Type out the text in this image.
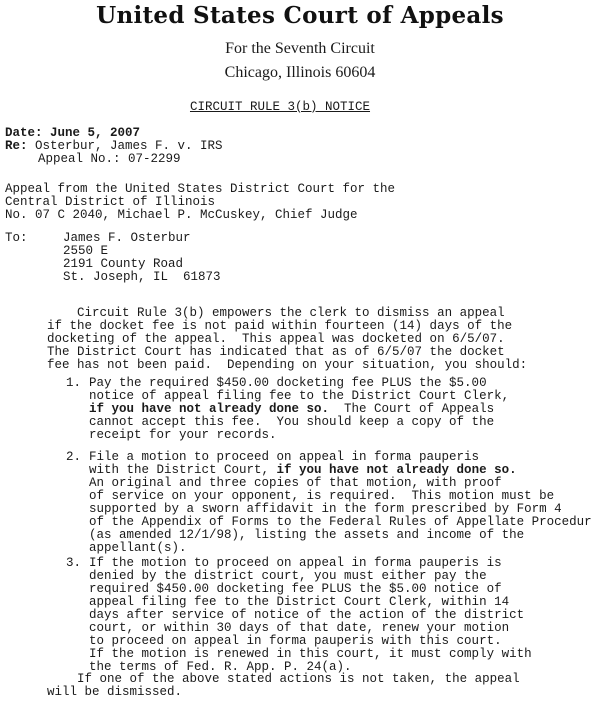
United States Court of Appeals
For the Seventh Circuit
Chicago, Illinois 60604
CIRCUIT RULE 3(b) NOTICE
Date: June 5, 2007
Re: Osterbur, James F. v. IRS
Appeal No.: 07-2299
Appeal from the United States District Court for the
Central District of Illinois
No. 07 C 2040, Michael P. McCuskey, Chief Judge
To:	James F. Osterbur
2550 E
2191 County Road
St. Joseph, IL  61873
Circuit Rule 3(b) empowers the clerk to dismiss an appeal
if the docket fee is not paid within fourteen (14) days of the
docketing of the appeal.  This appeal was docketed on 6/5/07.
The District Court has indicated that as of 6/5/07 the docket
fee has not been paid.  Depending on your situation, you should:
1. Pay the required $450.00 docketing fee PLUS the $5.00
notice of appeal filing fee to the District Court Clerk,
if you have not already done so.  The Court of Appeals
cannot accept this fee.  You should keep a copy of the
receipt for your records.
2. File a motion to proceed on appeal in forma pauperis
with the District Court, if you have not already done so.
An original and three copies of that motion, with proof
of service on your opponent, is required.  This motion must be
supported by a sworn affidavit in the form prescribed by Form 4
of the Appendix of Forms to the Federal Rules of Appellate Procedur
(as amended 12/1/98), listing the assets and income of the
appellant(s).
3. If the motion to proceed on appeal in forma pauperis is
denied by the district court, you must either pay the
required $450.00 docketing fee PLUS the $5.00 notice of
appeal filing fee to the District Court Clerk, within 14
days after service of notice of the action of the district
court, or within 30 days of that date, renew your motion
to proceed on appeal in forma pauperis with this court.
If the motion is renewed in this court, it must comply with
the terms of Fed. R. App. P. 24(a).
If one of the above stated actions is not taken, the appeal
will be dismissed.
